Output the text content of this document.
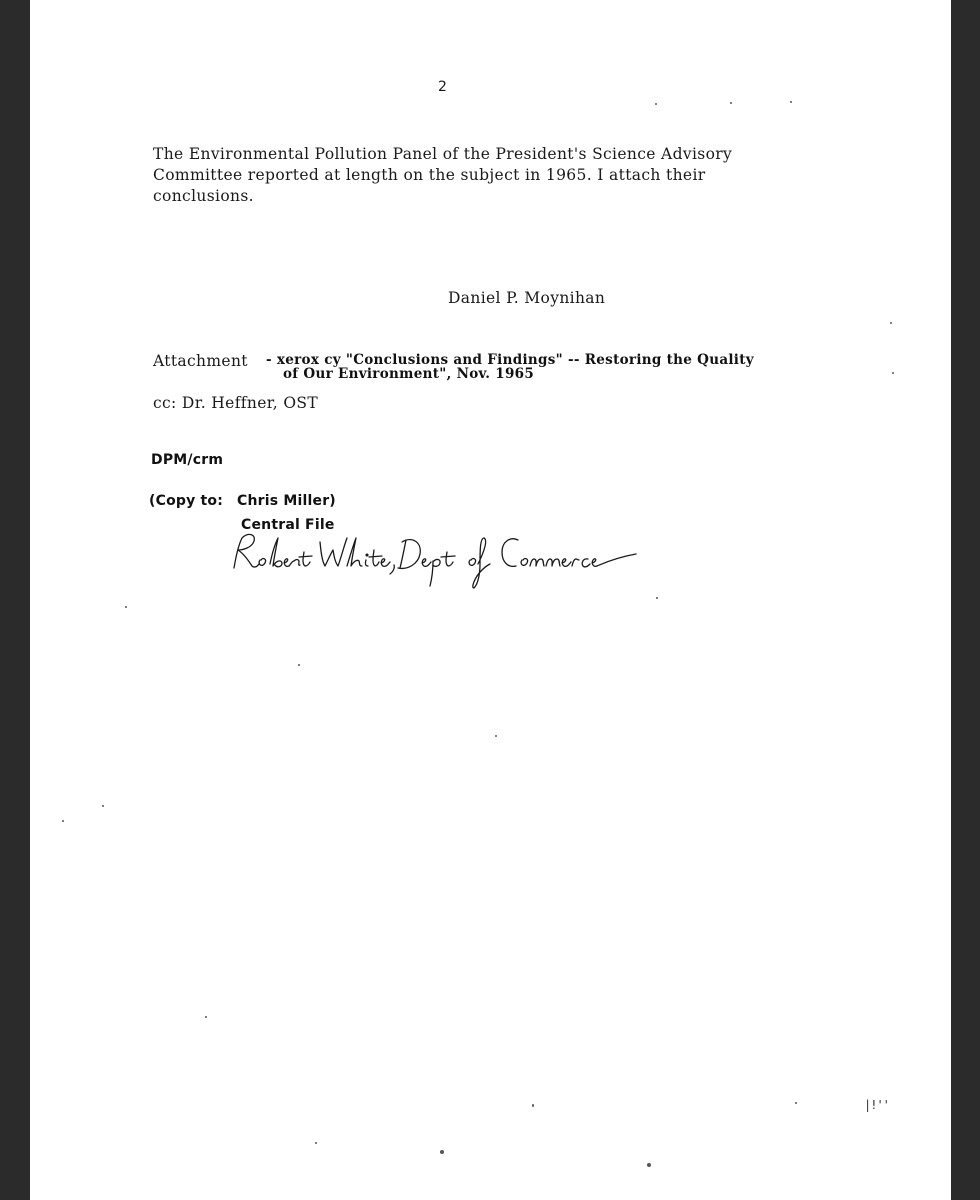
2
The Environmental Pollution Panel of the President's Science Advisory
Committee reported at length on the subject in 1965. I attach their
conclusions.
Daniel P. Moynihan
Attachment - xerox cy "Conclusions and Findings" -- Restoring the Quality
of Our Environment", Nov. 1965
cc: Dr. Heffner, OST
DPM/crm
(Copy to: Chris Miller)
Central File
|!''
